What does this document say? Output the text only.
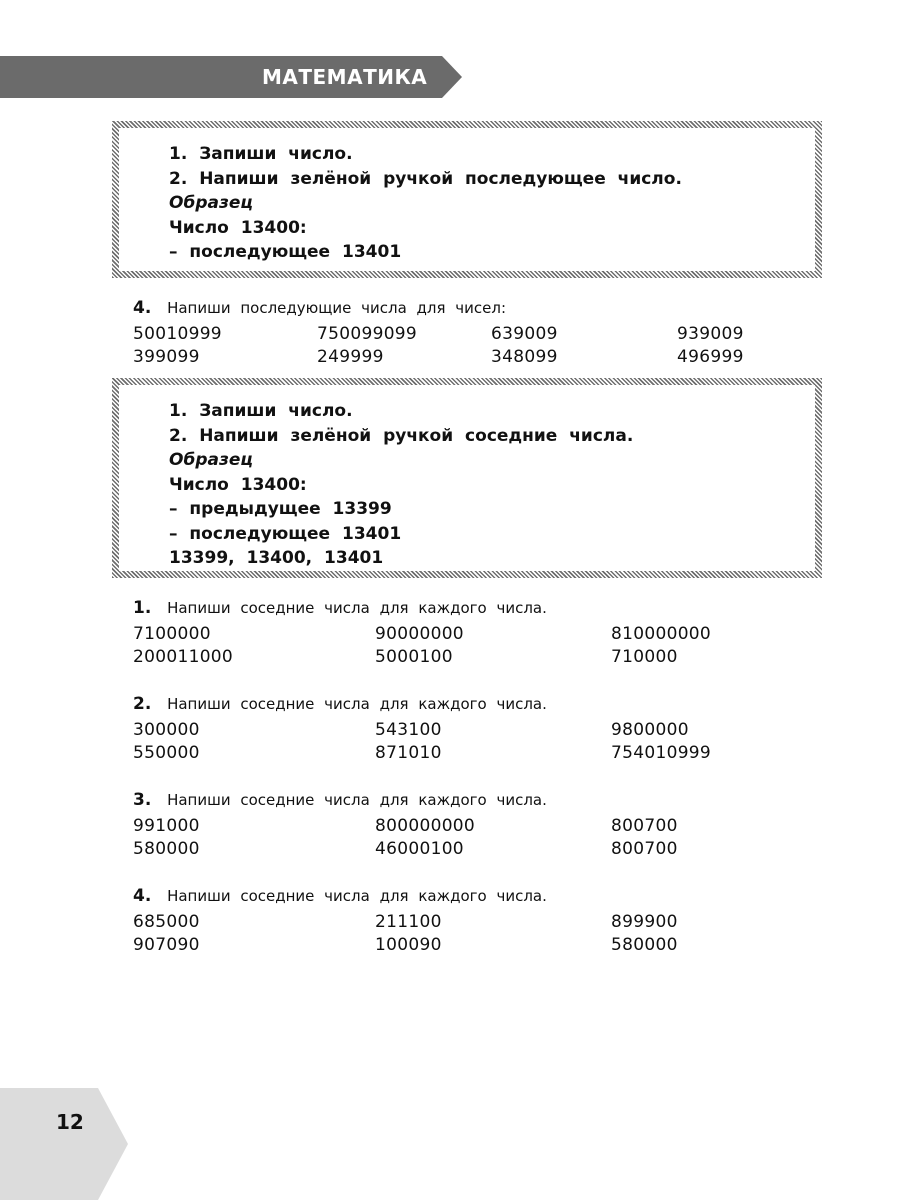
МАТЕМАТИКА
1. Запиши число.
2. Напиши зелёной ручкой последующее число.
Образец
Число 13400:
– последующее 13401
4. Напиши последующие числа для чисел:
50010999	750099099	639009	939009
399099	249999	348099	496999
1. Запиши число.
2. Напиши зелёной ручкой соседние числа.
Образец
Число 13400:
– предыдущее 13399
– последующее 13401
13399, 13400, 13401
1. Напиши соседние числа для каждого числа.
7100000	90000000	810000000
200011000	5000100	710000
2. Напиши соседние числа для каждого числа.
300000	543100	9800000
550000	871010	754010999
3. Напиши соседние числа для каждого числа.
991000	800000000	800700
580000	46000100	800700
4. Напиши соседние числа для каждого числа.
685000	211100	899900
907090	100090	580000
12
